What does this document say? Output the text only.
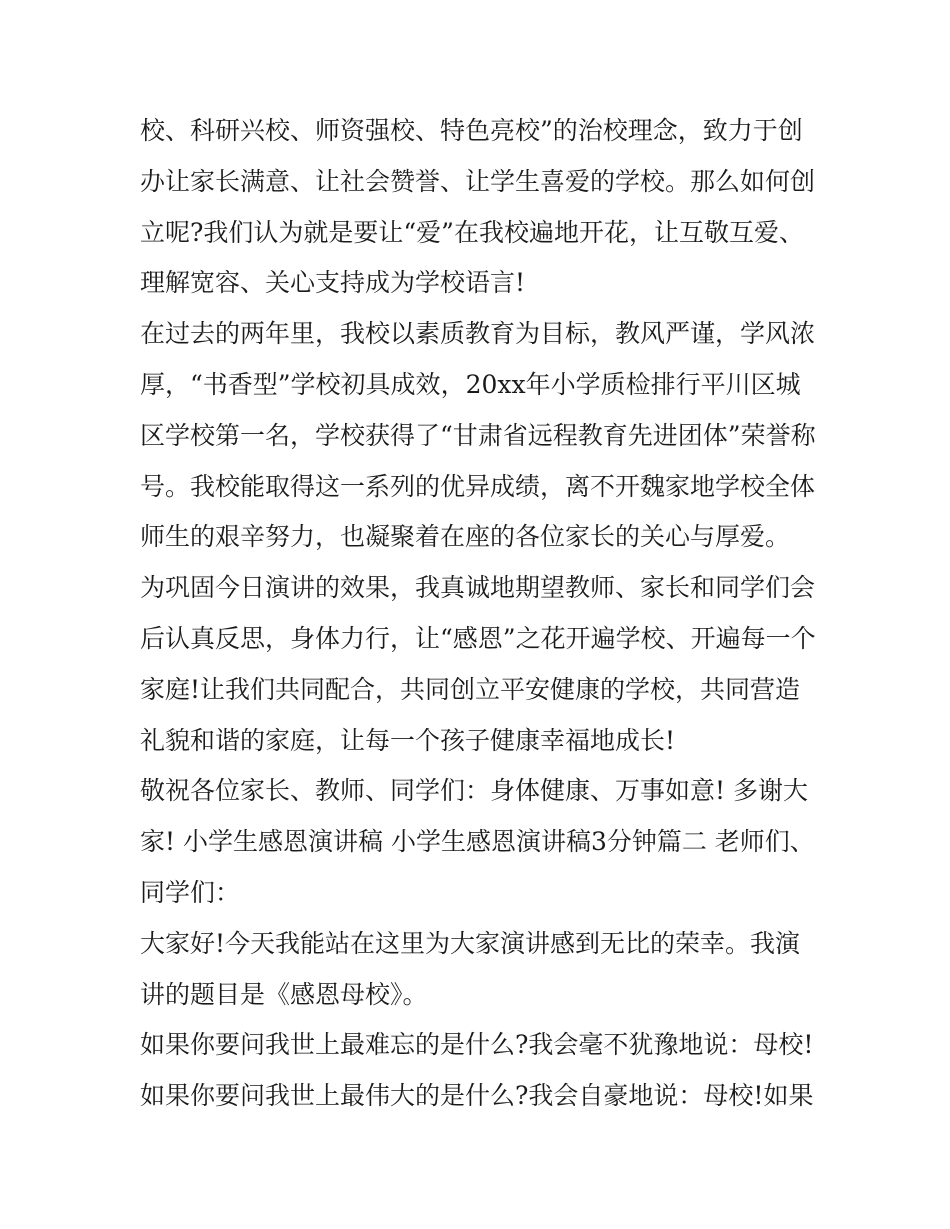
校、科研兴校、师资强校、特色亮校”的治校理念，致力于创
办让家长满意、让社会赞誉、让学生喜爱的学校。那么如何创
立呢?我们认为就是要让“爱”在我校遍地开花，让互敬互爱、
理解宽容、关心支持成为学校语言!
在过去的两年里，我校以素质教育为目标，教风严谨，学风浓
厚，“书香型”学校初具成效，20xx年小学质检排行平川区城
区学校第一名，学校获得了“甘肃省远程教育先进团体”荣誉称
号。我校能取得这一系列的优异成绩，离不开魏家地学校全体
师生的艰辛努力，也凝聚着在座的各位家长的关心与厚爱。
为巩固今日演讲的效果，我真诚地期望教师、家长和同学们会
后认真反思，身体力行，让“感恩”之花开遍学校、开遍每一个
家庭!让我们共同配合，共同创立平安健康的学校，共同营造
礼貌和谐的家庭，让每一个孩子健康幸福地成长!
敬祝各位家长、教师、同学们：身体健康、万事如意! 多谢大
家! 小学生感恩演讲稿 小学生感恩演讲稿3分钟篇二 老师们、
同学们：
大家好!今天我能站在这里为大家演讲感到无比的荣幸。我演
讲的题目是《感恩母校》。
如果你要问我世上最难忘的是什么?我会毫不犹豫地说：母校!
如果你要问我世上最伟大的是什么?我会自豪地说：母校!如果
